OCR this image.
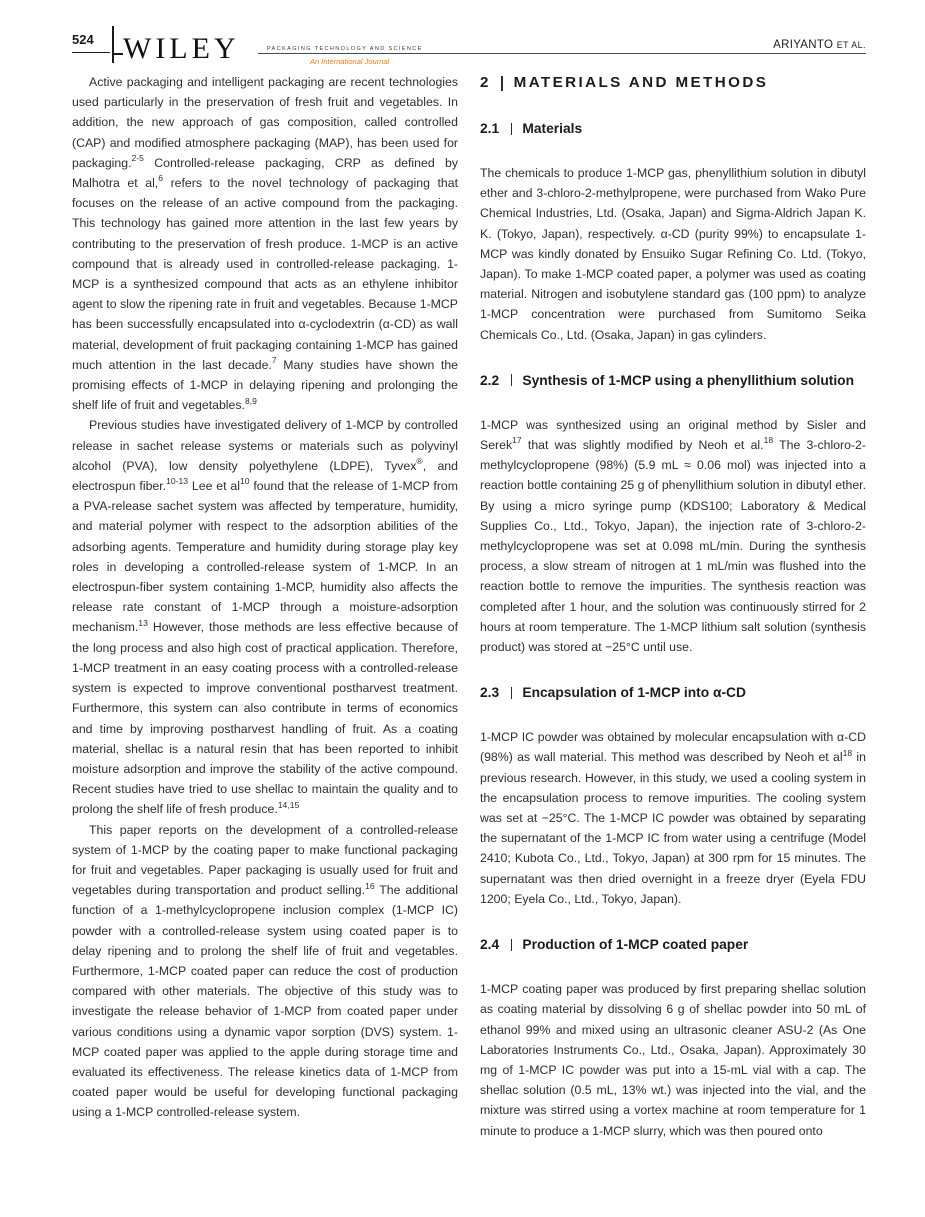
524 WILEY	PACKAGING TECHNOLOGY AND SCIENCE
An International Journal
ARIYANTO ET AL.

Active packaging and intelligent packaging are recent technologies used particularly in the preservation of fresh fruit and vegetables. In addition, the new approach of gas composition, called controlled (CAP) and modified atmosphere packaging (MAP), has been used for packaging.$^{2-5}$ Controlled-release packaging, CRP as defined by Malhotra et al,$^6$ refers to the novel technology of packaging that focuses on the release of an active compound from the packaging. This technology has gained more attention in the last few years by contributing to the preservation of fresh produce. 1-MCP is an active compound that is already used in controlled-release packaging. 1-MCP is a synthesized compound that acts as an ethylene inhibitor agent to slow the ripening rate in fruit and vegetables. Because 1-MCP has been successfully encapsulated into α-cyclodextrin (α-CD) as wall material, development of fruit packaging containing 1-MCP has gained much attention in the last decade.$^7$ Many studies have shown the promising effects of 1-MCP in delaying ripening and prolonging the shelf life of fruit and vegetables.$^{8,9}$

Previous studies have investigated delivery of 1-MCP by controlled release in sachet release systems or materials such as polyvinyl alcohol (PVA), low density polyethylene (LDPE), Tyvex®, and electrospun fiber.$^{10-13}$ Lee et $al^{10}$ found that the release of 1-MCP from a PVA-release sachet system was affected by temperature, humidity, and material polymer with respect to the adsorption abilities of the adsorbing agents. Temperature and humidity during storage play key roles in developing a controlled-release system of 1-MCP. In an electrospun-fiber system containing 1-MCP, humidity also affects the release rate constant of 1-MCP through a moisture-adsorption mechanism.$^{13}$ However, those methods are less effective because of the long process and also high cost of practical application. Therefore, 1-MCP treatment in an easy coating process with a controlled-release system is expected to improve conventional postharvest treatment. Furthermore, this system can also contribute in terms of economics and time by improving postharvest handling of fruit. As a coating material, shellac is a natural resin that has been reported to inhibit moisture adsorption and improve the stability of the active compound. Recent studies have tried to use shellac to maintain the quality and to prolong the shelf life of fresh produce.$^{14,15}$

This paper reports on the development of a controlled-release system of 1-MCP by the coating paper to make functional packaging for fruit and vegetables. Paper packaging is usually used for fruit and vegetables during transportation and product selling.$^{16}$ The additional function of a 1-methylcyclopropene inclusion complex (1-MCP IC) powder with a controlled-release system using coated paper is to delay ripening and to prolong the shelf life of fruit and vegetables. Furthermore, 1-MCP coated paper can reduce the cost of production compared with other materials. The objective of this study was to investigate the release behavior of 1-MCP from coated paper under various conditions using a dynamic vapor sorption (DVS) system. 1-MCP coated paper was applied to the apple during storage time and evaluated its effectiveness. The release kinetics data of 1-MCP from coated paper would be useful for developing functional packaging using a 1-MCP controlled-release system.

2 MATERIALS AND METHODS
2.1 Materials

The chemicals to produce 1-MCP gas, phenyllithium solution in dibutyl ether and 3-chloro-2-methylpropene, were purchased from Wako Pure Chemical Industries, Ltd. (Osaka, Japan) and Sigma-Aldrich Japan K. K. (Tokyo, Japan), respectively. α-CD (purity 99%) to encapsulate 1-MCP was kindly donated by Ensuiko Sugar Refining Co. Ltd. (Tokyo, Japan). To make 1-MCP coated paper, a polymer was used as coating material. Nitrogen and isobutylene standard gas (100 ppm) to analyze 1-MCP concentration were purchased from Sumitomo Seika Chemicals Co., Ltd. (Osaka, Japan) in gas cylinders.

2.2 Synthesis of 1-MCP using a phenyllithium solution

1-MCP was synthesized using an original method by Sisler and Serek$^{17}$ that was slightly modified by Neoh et al.$^{18}$ The 3-chloro-2-methylcyclopropene (98%) (5.9 mL ≈ 0.06 mol) was injected into a reaction bottle containing 25 g of phenyllithium solution in dibutyl ether. By using a micro syringe pump (KDS100; Laboratory & Medical Supplies Co., Ltd., Tokyo, Japan), the injection rate of 3-chloro-2-methylcyclopropene was set at 0.098 mL/min. During the synthesis process, a slow stream of nitrogen at 1 mL/min was flushed into the reaction bottle to remove the impurities. The synthesis reaction was completed after 1 hour, and the solution was continuously stirred for 2 hours at room temperature. The 1-MCP lithium salt solution (synthesis product) was stored at −25°C until use.

2.3 Encapsulation of 1-MCP into α-CD

1-MCP IC powder was obtained by molecular encapsulation with α-CD (98%) as wall material. This method was described by Neoh et $al^{18}$ in previous research. However, in this study, we used a cooling system in the encapsulation process to remove impurities. The cooling system was set at −25°C. The 1-MCP IC powder was obtained by separating the supernatant of the 1-MCP IC from water using a centrifuge (Model 2410; Kubota Co., Ltd., Tokyo, Japan) at 300 rpm for 15 minutes. The supernatant was then dried overnight in a freeze dryer (Eyela FDU 1200; Eyela Co., Ltd., Tokyo, Japan).

2.4 Production of 1-MCP coated paper

1-MCP coating paper was produced by first preparing shellac solution as coating material by dissolving 6 g of shellac powder into 50 mL of ethanol 99% and mixed using an ultrasonic cleaner ASU-2 (As One Laboratories Instruments Co., Ltd., Osaka, Japan). Approximately 30 mg of 1-MCP IC powder was put into a 15-mL vial with a cap. The shellac solution (0.5 mL, 13% wt.) was injected into the vial, and the mixture was stirred using a vortex machine at room temperature for 1 minute to produce a 1-MCP slurry, which was then poured onto
